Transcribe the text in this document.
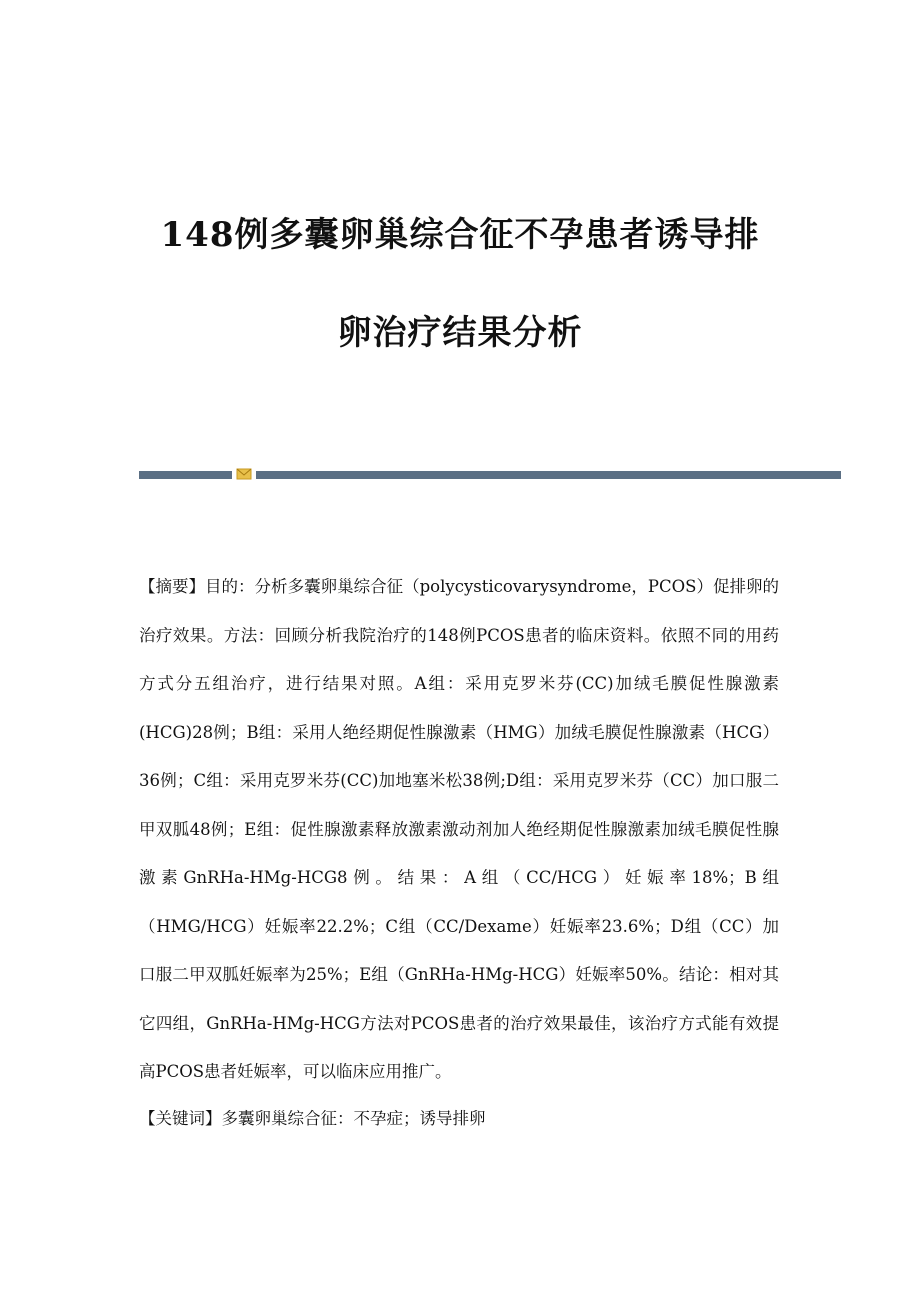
148例多囊卵巢综合征不孕患者诱导排
卵治疗结果分析

【摘要】目的：分析多囊卵巢综合征（polycysticovarysyndrome，PCOS）促排卵的治疗效果。方法：回顾分析我院治疗的148例PCOS患者的临床资料。依照不同的用药方式分五组治疗，进行结果对照。A组：采用克罗米芬(CC)加绒毛膜促性腺激素(HCG)28例；B组：采用人绝经期促性腺激素（HMG）加绒毛膜促性腺激素（HCG）36例；C组：采用克罗米芬(CC)加地塞米松38例;D组：采用克罗米芬（CC）加口服二甲双胍48例；E组：促性腺激素释放激素激动剂加人绝经期促性腺激素加绒毛膜促性腺激素GnRHa-HMg-HCG8例。结果：A组（CC/HCG）妊娠率18%；B组（HMG/HCG）妊娠率22.2%；C组（CC/Dexame）妊娠率23.6%；D组（CC）加口服二甲双胍妊娠率为25%；E组（GnRHa-HMg-HCG）妊娠率50%。结论：相对其它四组，GnRHa-HMg-HCG方法对PCOS患者的治疗效果最佳，该治疗方式能有效提高PCOS患者妊娠率，可以临床应用推广。

【关键词】多囊卵巢综合征：不孕症；诱导排卵
